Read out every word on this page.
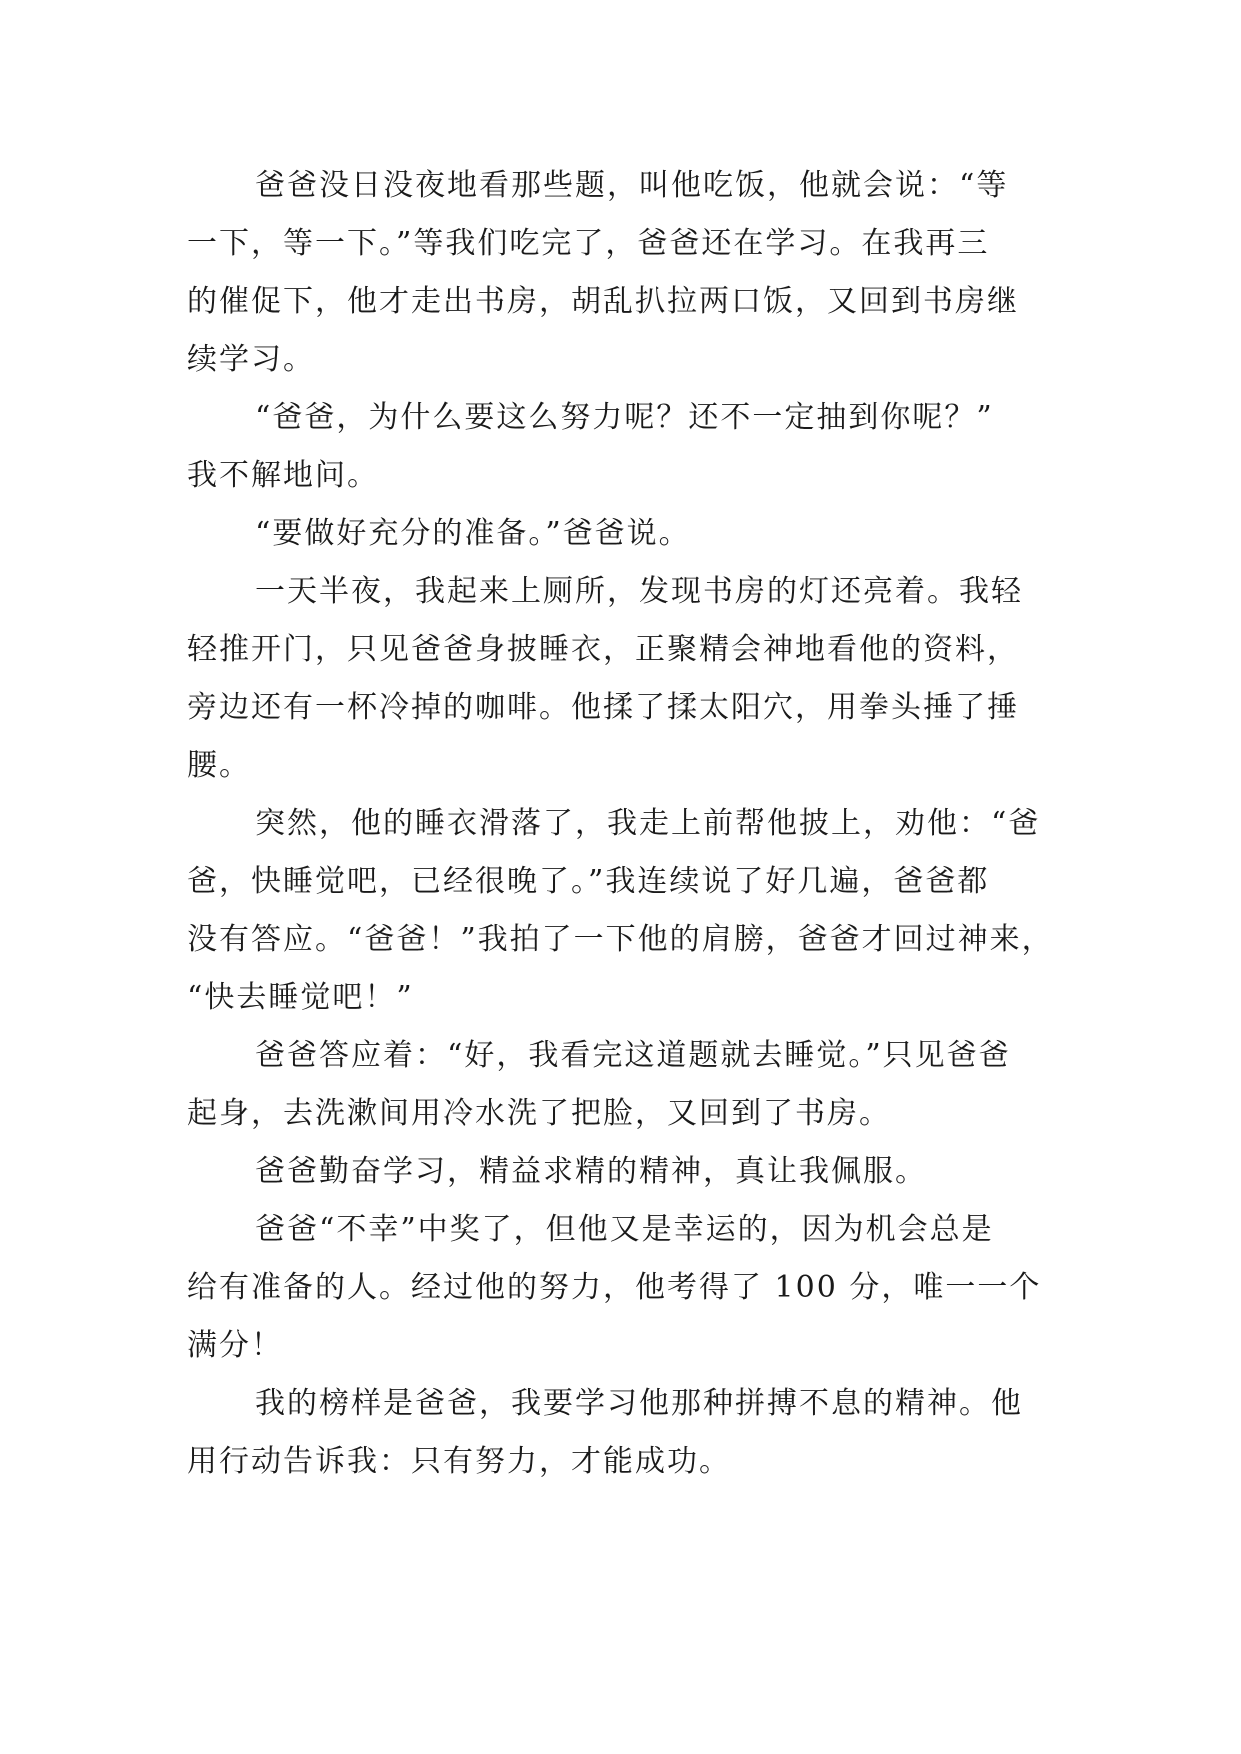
爸爸没日没夜地看那些题，叫他吃饭，他就会说：“等
一下，等一下。”等我们吃完了，爸爸还在学习。在我再三
的催促下，他才走出书房，胡乱扒拉两口饭，又回到书房继
续学习。
“爸爸，为什么要这么努力呢？还不一定抽到你呢？”
我不解地问。
“要做好充分的准备。”爸爸说。
一天半夜，我起来上厕所，发现书房的灯还亮着。我轻
轻推开门，只见爸爸身披睡衣，正聚精会神地看他的资料，
旁边还有一杯冷掉的咖啡。他揉了揉太阳穴，用拳头捶了捶
腰。
突然，他的睡衣滑落了，我走上前帮他披上，劝他：“爸
爸，快睡觉吧，已经很晚了。”我连续说了好几遍，爸爸都
没有答应。“爸爸！”我拍了一下他的肩膀，爸爸才回过神来，
“快去睡觉吧！”
爸爸答应着：“好，我看完这道题就去睡觉。”只见爸爸
起身，去洗漱间用冷水洗了把脸，又回到了书房。
爸爸勤奋学习，精益求精的精神，真让我佩服。
爸爸“不幸”中奖了，但他又是幸运的，因为机会总是
给有准备的人。经过他的努力，他考得了 100 分，唯一一个
满分！
我的榜样是爸爸，我要学习他那种拼搏不息的精神。他
用行动告诉我：只有努力，才能成功。
